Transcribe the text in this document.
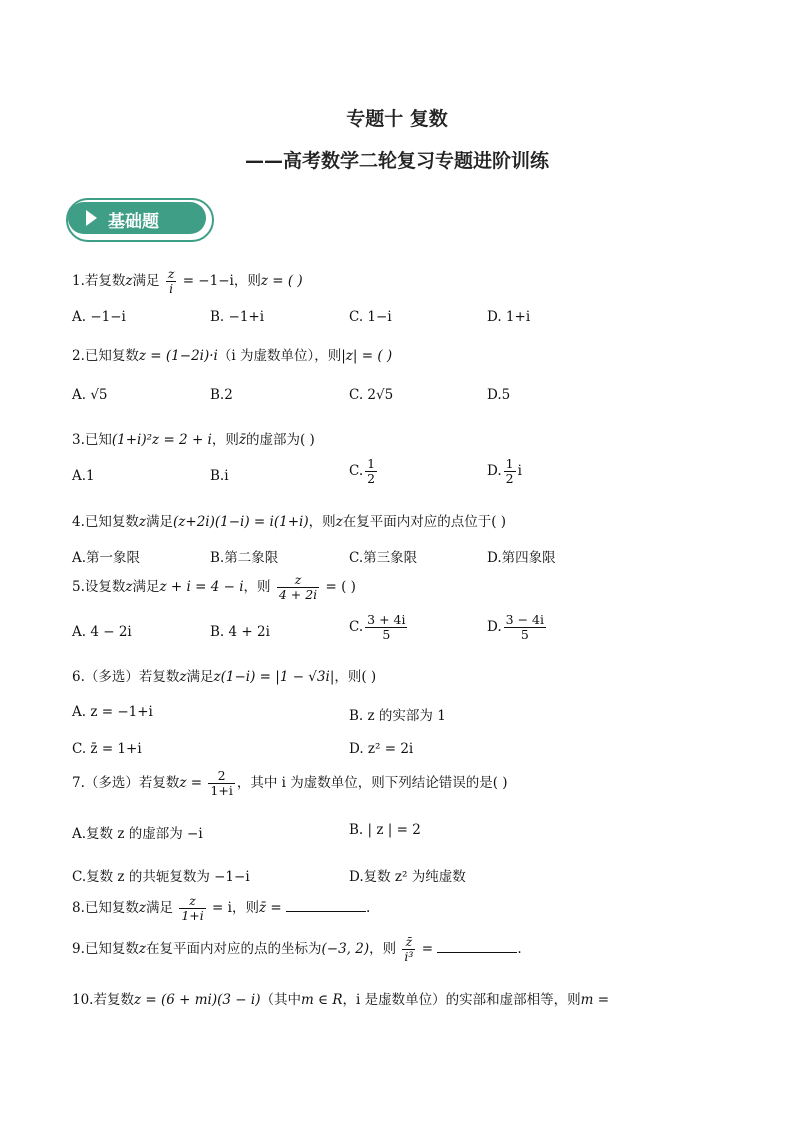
专题十 复数
——高考数学二轮复习专题进阶训练
基础题
1.若复数z满足 $\frac{z}{i} = -1-i$，则z = ( )
A. −1−i	B. −1+i	C. 1−i	D. 1+i
2.已知复数z = (1−2i)·i（i 为虚数单位），则|z| = ( )
A. √5	B.2	C. 2√5	D.5
3.已知(1+i)²z = 2 + i，则z̄的虚部为( )
A.1	B.i	C. $\frac{1}{2}$	D. $\frac{1}{2}$ i
4.已知复数z满足(z+2i)(1−i) = i(1+i)，则z在复平面内对应的点位于( )
A.第一象限	B.第二象限	C.第三象限	D.第四象限
5.设复数z满足z + i = 4 − i，则 $\frac{z}{4 + 2i}$ = ( )
A. 4 − 2i	B. 4 + 2i	C. $\frac{3 + 4i}{5}$	D. $\frac{3 - 4i}{5}$
6.（多选）若复数z满足z(1−i) = |1 − √3i|，则( )
A. z = −1+i	B. z 的实部为 1
C. z̄ = 1+i	D. z² = 2i
7.（多选）若复数$z = \frac{2}{1+i}$ ，其中 i 为虚数单位，则下列结论错误的是( )
A.复数 z 的虚部为 −i	B. | z | = 2
C.复数 z 的共轭复数为 −1−i	D.复数 z² 为纯虚数
8.已知复数z满足 $\frac{z}{1+i} = i$，则z̄ =	.
9.已知复数z在复平面内对应的点的坐标为(−3, 2)，则 $\frac{z̄}{\text{i³}}$ =	.
10.若复数z = (6 + mi)(3 − i)（其中m ∈ R，i 是虚数单位）的实部和虚部相等，则m =
